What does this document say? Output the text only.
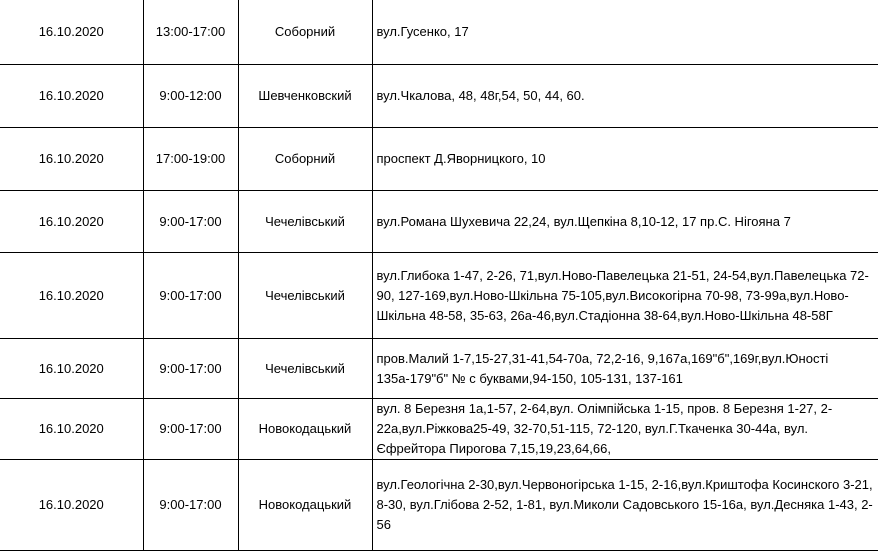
16.10.2020	13:00-17:00	Соборний	вул.Гусенко, 17
16.10.2020	9:00-12:00	Шевченковский	вул.Чкалова, 48, 48г,54, 50, 44, 60.
16.10.2020	17:00-19:00	Соборний	проспект Д.Яворницкого, 10
16.10.2020	9:00-17:00	Чечелівський	вул.Романа Шухевича 22,24, вул.Щепкіна 8,10-12, 17 пр.С. Нігояна 7
16.10.2020	9:00-17:00	Чечелівський	вул.Глибока 1-47, 2-26, 71,вул.Ново-Павелецька 21-51, 24-54,вул.Павелецька 72-90, 127-169,вул.Ново-Шкільна 75-105,вул.Високогірна 70-98, 73-99а,вул.Ново-Шкільна 48-58, 35-63, 26а-46,вул.Стадіонна 38-64,вул.Ново-Шкільна 48-58Г
16.10.2020	9:00-17:00	Чечелівський	пров.Малий 1-7,15-27,31-41,54-70а, 72,2-16, 9,167а,169"б",169г,вул.Юності 135а-179"б" № с буквами,94-150, 105-131, 137-161
16.10.2020	9:00-17:00	Новокодацький	вул. 8 Березня 1а,1-57, 2-64,вул. Олімпійська 1-15, пров. 8 Березня 1-27, 2-22а,вул.Ріжкова25-49, 32-70,51-115, 72-120, вул.Г.Ткаченка 30-44а, вул. Єфрейтора Пирогова 7,15,19,23,64,66,
16.10.2020	9:00-17:00	Новокодацький	вул.Геологічна 2-30,вул.Червоногірська 1-15, 2-16,вул.Криштофа Косинского 3-21, 8-30, вул.Глібова 2-52, 1-81, вул.Миколи Садовського 15-16а, вул.Десняка 1-43, 2-56
